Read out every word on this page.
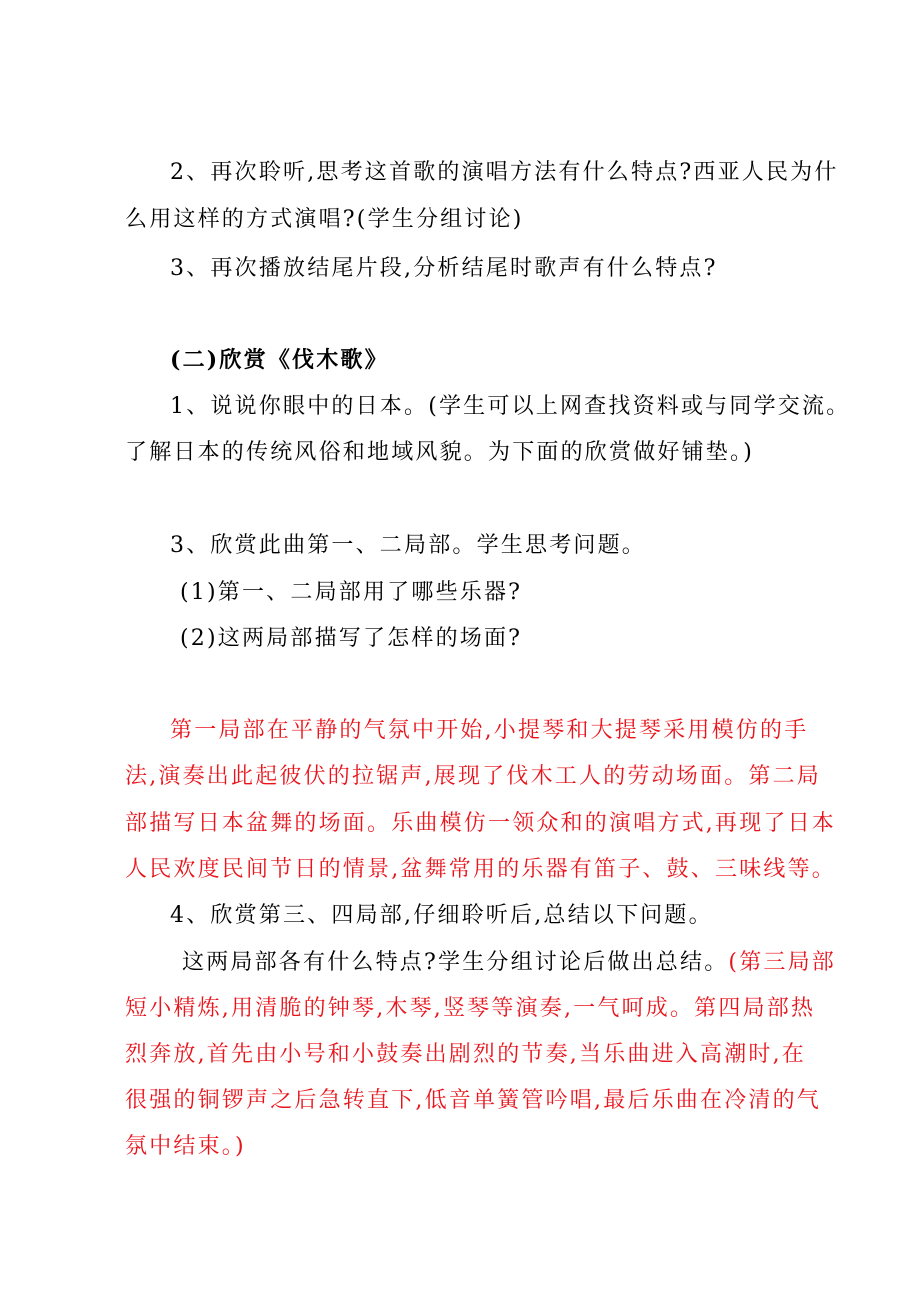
2、再次聆听,思考这首歌的演唱方法有什么特点?西亚人民为什
么用这样的方式演唱?(学生分组讨论)
3、再次播放结尾片段,分析结尾时歌声有什么特点?
(二)欣赏《伐木歌》
1、说说你眼中的日本。(学生可以上网查找资料或与同学交流。
了解日本的传统风俗和地域风貌。为下面的欣赏做好铺垫。)
3、欣赏此曲第一、二局部。学生思考问题。
(1)第一、二局部用了哪些乐器?
(2)这两局部描写了怎样的场面?
第一局部在平静的气氛中开始,小提琴和大提琴采用模仿的手
法,演奏出此起彼伏的拉锯声,展现了伐木工人的劳动场面。第二局
部描写日本盆舞的场面。乐曲模仿一领众和的演唱方式,再现了日本
人民欢度民间节日的情景,盆舞常用的乐器有笛子、鼓、三味线等。
4、欣赏第三、四局部,仔细聆听后,总结以下问题。
这两局部各有什么特点?学生分组讨论后做出总结。(第三局部
短小精炼,用清脆的钟琴,木琴,竖琴等演奏,一气呵成。第四局部热
烈奔放,首先由小号和小鼓奏出剧烈的节奏,当乐曲进入高潮时,在
很强的铜锣声之后急转直下,低音单簧管吟唱,最后乐曲在冷清的气
氛中结束。)
